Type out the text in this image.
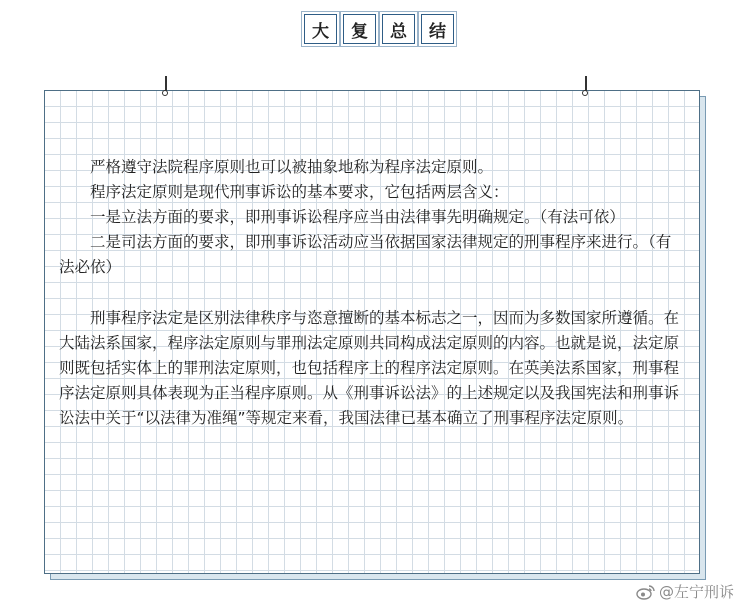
大	复	总	结

严格遵守法院程序原则也可以被抽象地称为程序法定原则。

程序法定原则是现代刑事诉讼的基本要求，它包括两层含义：

一是立法方面的要求，即刑事诉讼程序应当由法律事先明确规定。（有法可依）

二是司法方面的要求，即刑事诉讼活动应当依据国家法律规定的刑事程序来进行。（有法必依）

刑事程序法定是区别法律秩序与恣意擅断的基本标志之一，因而为多数国家所遵循。在大陆法系国家，程序法定原则与罪刑法定原则共同构成法定原则的内容。也就是说，法定原则既包括实体上的罪刑法定原则，也包括程序上的程序法定原则。在英美法系国家，刑事程序法定原则具体表现为正当程序原则。从《刑事诉讼法》的上述规定以及我国宪法和刑事诉讼法中关于“以法律为准绳”等规定来看，我国法律已基本确立了刑事程序法定原则。

@左宁刑诉
